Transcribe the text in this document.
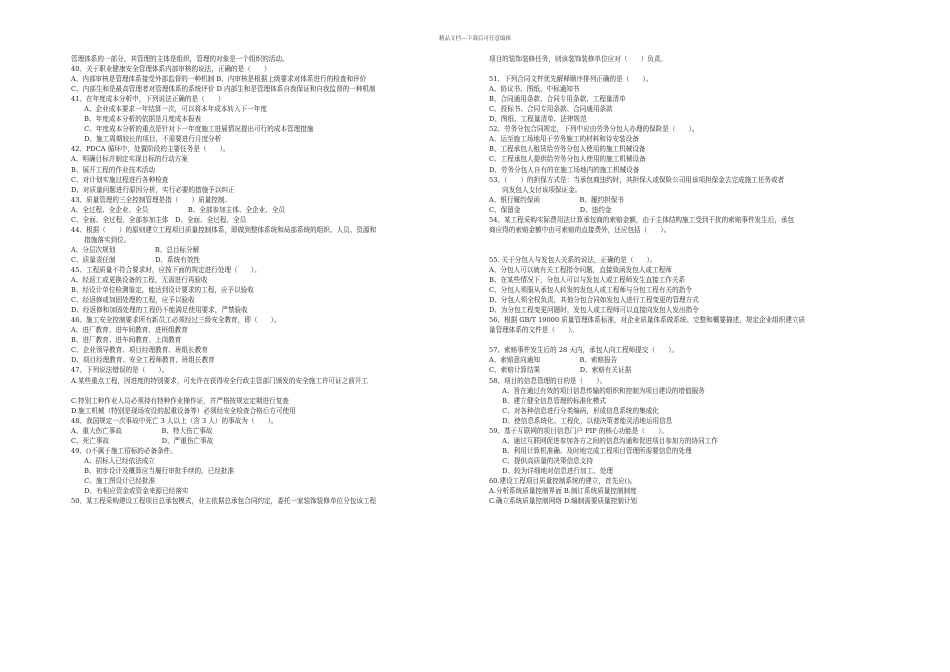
精品文档---下载后可任意编辑
管理体系的一部分，其管理的主体是组织，管理的对象是一个组织的活动。
40、关于职业健康安全管理体系内部审核的说法，正确的是（　　）
A、内部审核是管理体系接受外部监督的一种机制 B、内审核是根据上级要求对体系进行的检查和评价
C、内部生和是最高管理者对管理体系的系统评价 D 内部生和是管理体系自我保证和自我监督的一种机制
41、在年度成本分析中，下列说法正确的是（　　）
　　A、企业成本要求一年结算一次，可以将本年成本转入下一年度
　　B、年度成本分析的依据是月度成本报表
　　C、年度成本分析的重点是针对下一年度施工进展情况提出可行的成本管理措施
　　D、施工周期较长的项目，不需要进行月度分析
42、PDCA 循环中，处置阶段的主要任务是（　　）。
A、明确目标并制定实现目标的行动方案
B、展开工程的作业技术活动
C、对计划实施过程进行各种检查
D、对质量问题进行原因分析，实行必要的措施予以纠正
43、质量管理的三全控制管理是指（　　）质量控制。
A、全过程、全企业、全员　　　　　　B、全部参加主体、全企业、全员
C、全面、全过程、全部参加主体　D、全面、全过程、全员
44、根据（　　）的原则建立工程项目质量控制体系，即做到整体系统和局部系统的组织、人员、资源和
　　措施落实到位。
A、分层次规划　　　　　　B、总目标分解
C、质量责任制　　　　　　D、系统有效性
45、工程质量不符合要求时，应按下面的规定进行处理（　　）。
A、经返工或更换设备的工程，无需进行再验收
B、经设计单位检测鉴定，能达到设计要求的工程，应予以验收
C、经返修或加固处理的工程，应予以验收
D、经返修和加固处理的工程仍不能满足使用要求，严禁验收
46、施工安全控制要求所有新员工必须经过三级安全教育，即（　　）。
A、进厂教育、进车间教育、进班组教育
B、进厂教育、进车间教育、上岗教育
C、企业领导教育、项目经理教育、班组长教育
D、项目经理教育、安全工程师教育、班组长教育
47、下列说法错误的是（　　）。
A.某些重点工程，因进度的特别要求，可允许在获得安全行政主管部门颁发的安全施工许可证之前开工
C.特别工种作业人员必须持有特种作业操作证，并严格按规定定期进行复查
D.施工机械（特别是现场安设的起重设备等）必须经安全检查合格后方可使用
48、我国规定一次事故中死亡 3 人以上（含 3 人）的事故为（　　）。
A、重大伤亡事故　　　　　　B、特大伤亡事故
C、死亡事故　　　　　　　　D、严重伤亡事故
49、()不属于施工招标的必备条件。
　　A、招标人已经依法成立
　　B、初步设计及概算应当履行审批手续的，已经批准
　　C、施工图设计已经批准
　　D、有相应资金或资金来源已经落实
50、某工程采购建设工程项目总承包模式，业主依据总承包合同约定，委托一家装饰装修单位分包该工程
项目的装饰装修任务，则该装饰装修单位应对（　　）负责。
51、下列合同文件优先解释顺序排列正确的是（　　）。
A、协议书、图纸、中标通知书
B、合同通用条款、合同专用条款、工程量清单
C、投标书、合同专用条款、合同通用条款
D、图纸、工程量清单、法律规范
52、劳务分包合同规定，下列中应由劳务分包人办理的保险是（　　）。
A、运至施工场地用于劳务施工的材料和待安装设备
B、工程承包人租赁给劳务分包人使用的施工机械设备
C、工程承包人提供给劳务分包人使用的施工机械设备
D、劳务分包人自有的在施工场地内的施工机械设备
53、（　　）的担保方式是：当承包商违约时，其担保人或保险公司用该项担保金去完成施工任务或者
　　向发包人支付该项保证金。
A、银行履约保函　　　　　　B、履约担保书
C、保留金　　　　　　　　　D、违约金
54、某工程采购实际费用法计算承包商的索赔金额，由于主体结构施工受到干扰的索赔事件发生后，承包
商应得的索赔金额中由可索赔的直接费外，还应包括（　　）。
55. 关于分包人与发包人关系的说法，正确的是（　　）。
A、分包人可以就有关工程指令问题，直接致函发包人或工程师
B、在某些情况下，分包人可以与发包人或工程师发生直接工作关系
C、分包人须服从承包人转发的发包人或工程师与分包工程有关的指令
D、分包人须全权负责，其他分包合同如发包人进行工程变更的管理方式
D、为分包工程变更问题时，发包人或工程师可以直接向发包人发出指令
56、根据 GB/T 19000 质量管理体系标准，对企业质量体系做系统、完整和概要描述，规定企业组织建立质
量管理体系的文件是（　　）。
57、索赔事件发生后的 28 天内，承包人向工程师提交（　　）。
A、索赔意向通知　　　　　　B、索赔报告
C、索赔计算结果　　　　　　D、索赔有关证据
58、项目的信息管理的目的是（　　）。
　　A、旨在通过有效的项目信息传输的组织和控制为项目建设的增值服务
　　B、建立健全信息管理的标准化模式
　　C、对各种信息进行分类编码，形成信息系统的集成化
　　D、使信息系统化、工程化，以便决策者能灵活地运用信息
59、基于互联网的项目信息门户 PIP 的核心功能是（　　）。
　　A、通过互联网促进参加各方之间的信息沟通和促进项目参加方的协同工作
　　B、利用计算机准确、及时地完成工程项目管理所需要信息的处理
　　C、提供高质量的决策信息支持
　　D、较为详细地对信息进行加工、处理
60.建设工程项目质量控制系统的建立，首先应()。
A.分析系统质量控制界面 B.制订系统质量控制制度
C.确立系统质量控制网络 D.编制需要质量控制计划
